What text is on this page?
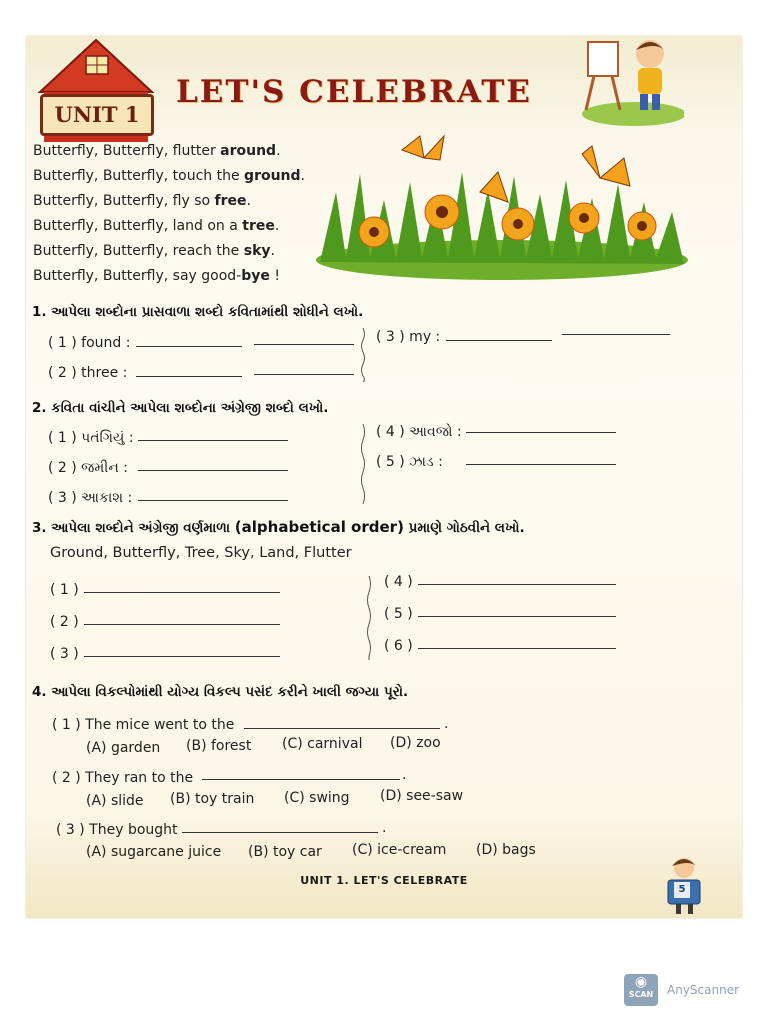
UNIT 1
LET'S CELEBRATE
Butterfly, Butterfly, flutter around.
Butterfly, Butterfly, touch the ground.
Butterfly, Butterfly, fly so free.
Butterfly, Butterfly, land on a tree.
Butterfly, Butterfly, reach the sky.
Butterfly, Butterfly, say good-bye !
1. આપેલા શબ્દોના પ્રાસવાળા શબ્દો કવિતામાંથી શોધીને લખો.
( 1 ) found :
( 2 ) three :
( 3 ) my :
2. કવિતા વાંચીને આપેલા શબ્દોના અંગ્રેજી શબ્દો લખો.
( 1 ) પતંગિયું :
( 2 ) જમીન :
( 3 ) આકાશ :
( 4 ) આવજો :
( 5 ) ઝાડ :
3. આપેલા શબ્દોને અંગ્રેજી વર્ણમાળા (alphabetical order) પ્રમાણે ગોઠવીને લખો.
Ground, Butterfly, Tree, Sky, Land, Flutter
( 1 )
( 2 )
( 3 )
( 4 )
( 5 )
( 6 )
4. આપેલા વિકલ્પોમાંથી યોગ્ય વિકલ્પ પસંદ કરીને ખાલી જગ્યા પૂરો.
( 1 ) The mice went to the	.
(A) garden (B) forest (C) carnival (D) zoo
( 2 ) They ran to the	.
(A) slide (B) toy train (C) swing (D) see-saw
( 3 ) They bought	.
(A) sugarcane juice (B) toy car (C) ice-cream (D) bags
UNIT 1. LET'S CELEBRATE
5
◉
SCAN	AnyScanner
